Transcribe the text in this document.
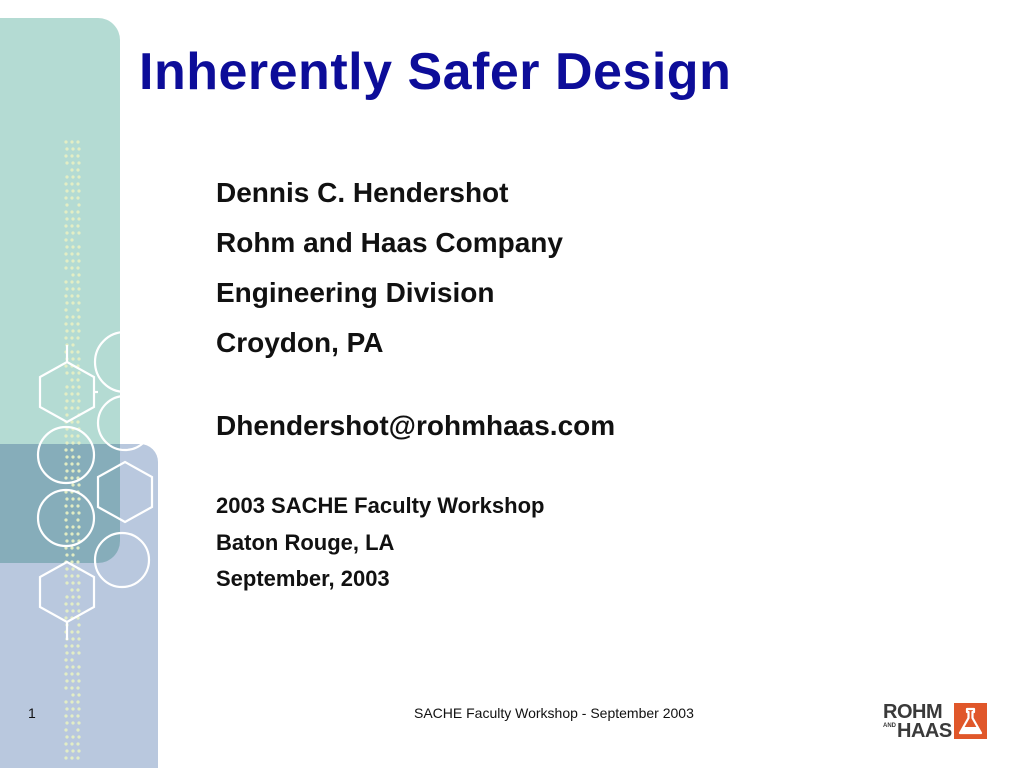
Inherently Safer Design
Dennis C. Hendershot
Rohm and Haas Company
Engineering Division
Croydon, PA
Dhendershot@rohmhaas.com
2003 SACHE Faculty Workshop
Baton Rouge, LA
September, 2003
1	SACHE Faculty Workshop - September 2003	ROHM
AND HAAS
